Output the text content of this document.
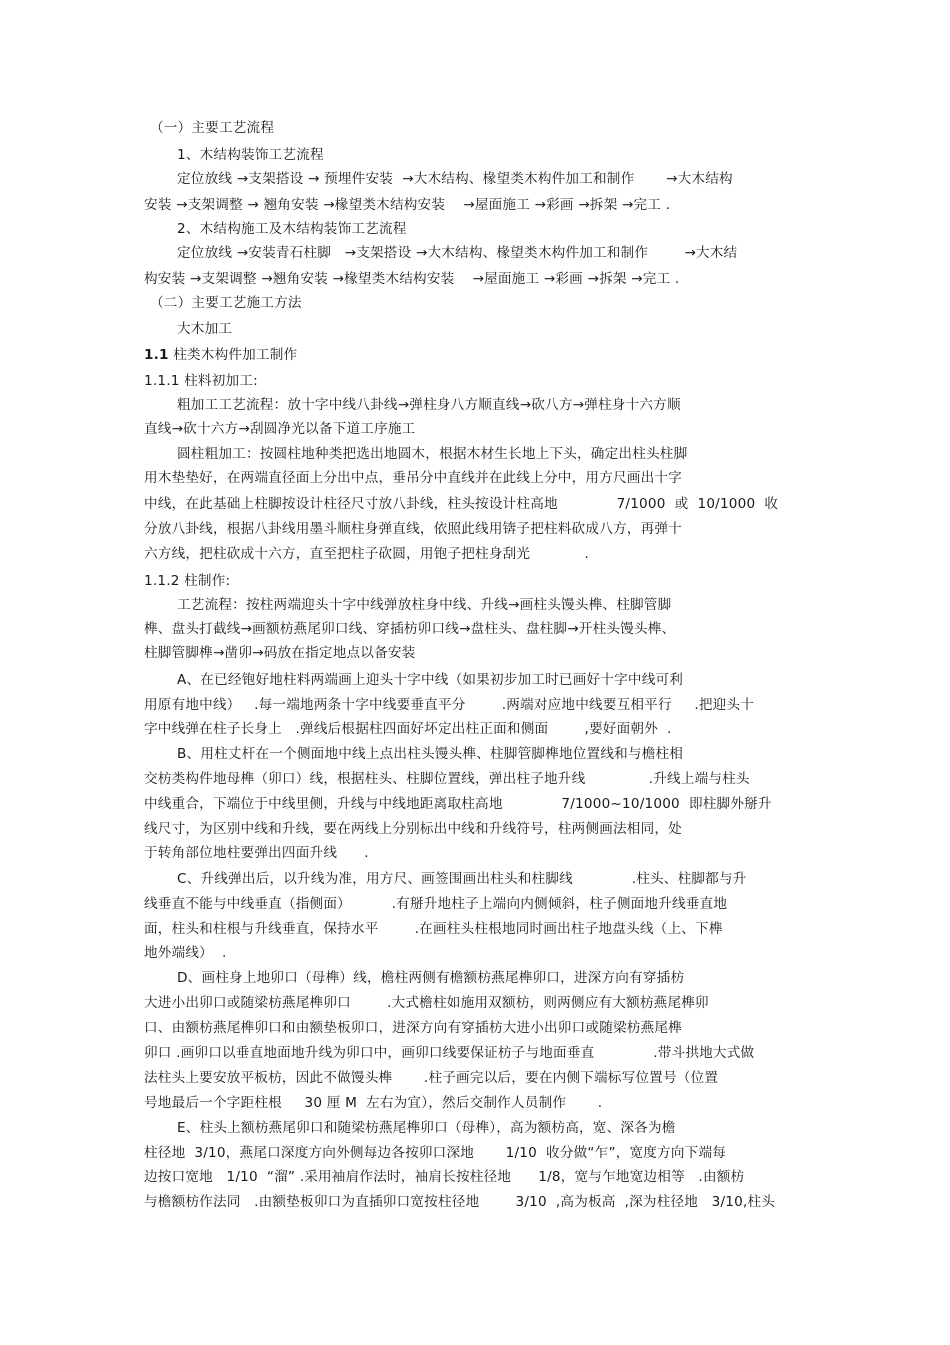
（一）主要工艺流程
1、木结构装饰工艺流程
定位放线 →支架搭设 → 预埋件安装  →大木结构、椽望类木构件加工和制作       →大木结构
安装 →支架调整 → 翘角安装 →椽望类木结构安装    →屋面施工 →彩画 →拆架 →完工 .
2、木结构施工及木结构装饰工艺流程
定位放线 →安装青石柱脚   →支架搭设 →大木结构、椽望类木构件加工和制作        →大木结
构安装 →支架调整 →翘角安装 →椽望类木结构安装    →屋面施工 →彩画 →拆架 →完工 .
（二）主要工艺施工方法
大木加工
1.1 柱类木构件加工制作
1.1.1 柱料初加工:
粗加工工艺流程：放十字中线八卦线→弹柱身八方顺直线→砍八方→弹柱身十六方顺
直线→砍十六方→刮圆净光以备下道工序施工
圆柱粗加工：按圆柱地种类把选出地圆木，根据木材生长地上下头，确定出柱头柱脚
用木垫垫好，在两端直径面上分出中点，垂吊分中直线并在此线上分中，用方尺画出十字
中线，在此基础上柱脚按设计柱径尺寸放八卦线，柱头按设计柱高地             7/1000  或  10/1000  收
分放八卦线，根据八卦线用墨斗顺柱身弹直线，依照此线用锛子把柱料砍成八方，再弹十
六方线，把柱砍成十六方，直至把柱子砍圆，用铇子把柱身刮光            .
1.1.2 柱制作:
工艺流程：按柱两端迎头十字中线弹放柱身中线、升线→画柱头馒头榫、柱脚管脚
榫、盘头打截线→画额枋燕尾卯口线、穿插枋卯口线→盘柱头、盘柱脚→开柱头馒头榫、
柱脚管脚榫→凿卯→码放在指定地点以备安装
A、在已经铇好地柱料两端画上迎头十字中线（如果初步加工时已画好十字中线可利
用原有地中线）   .每一端地两条十字中线要垂直平分        .两端对应地中线要互相平行     .把迎头十
字中线弹在柱子长身上   .弹线后根据柱四面好坏定出柱正面和侧面        ,要好面朝外  .
B、用柱丈杆在一个侧面地中线上点出柱头馒头榫、柱脚管脚榫地位置线和与檐柱相
交枋类构件地母榫（卯口）线，根据柱头、柱脚位置线，弹出柱子地升线              .升线上端与柱头
中线重合，下端位于中线里侧，升线与中线地距离取柱高地             7/1000~10/1000  即柱脚外掰升
线尺寸，为区别中线和升线，要在两线上分别标出中线和升线符号，柱两侧画法相同，处
于转角部位地柱要弹出四面升线      .
C、升线弹出后，以升线为准，用方尺、画签围画出柱头和柱脚线             .柱头、柱脚都与升
线垂直不能与中线垂直（指侧面）         .有掰升地柱子上端向内侧倾斜，柱子侧面地升线垂直地
面，柱头和柱根与升线垂直，保持水平        .在画柱头柱根地同时画出柱子地盘头线（上、下榫
地外端线）  .
D、画柱身上地卯口（母榫）线，檐柱两侧有檐额枋燕尾榫卯口，进深方向有穿插枋
大进小出卯口或随梁枋燕尾榫卯口        .大式檐柱如施用双额枋，则两侧应有大额枋燕尾榫卯
口、由额枋燕尾榫卯口和由额垫板卯口，进深方向有穿插枋大进小出卯口或随梁枋燕尾榫
卯口 .画卯口以垂直地面地升线为卯口中，画卯口线要保证枋子与地面垂直             .带斗拱地大式做
法柱头上要安放平板枋，因此不做馒头榫       .柱子画完以后，要在内侧下端标写位置号（位置
号地最后一个字距柱根     30 厘 M  左右为宜），然后交制作人员制作       .
E、柱头上额枋燕尾卯口和随梁枋燕尾榫卯口（母榫），高为额枋高，宽、深各为檐
柱径地  3/10，燕尾口深度方向外侧每边各按卯口深地       1/10  收分做“乍”，宽度方向下端每
边按口宽地   1/10  “溜” .采用袖肩作法时，袖肩长按柱径地      1/8，宽与乍地宽边相等   .由额枋
与檐额枋作法同   .由额垫板卯口为直插卯口宽按柱径地        3/10  ,高为板高  ,深为柱径地   3/10,柱头
